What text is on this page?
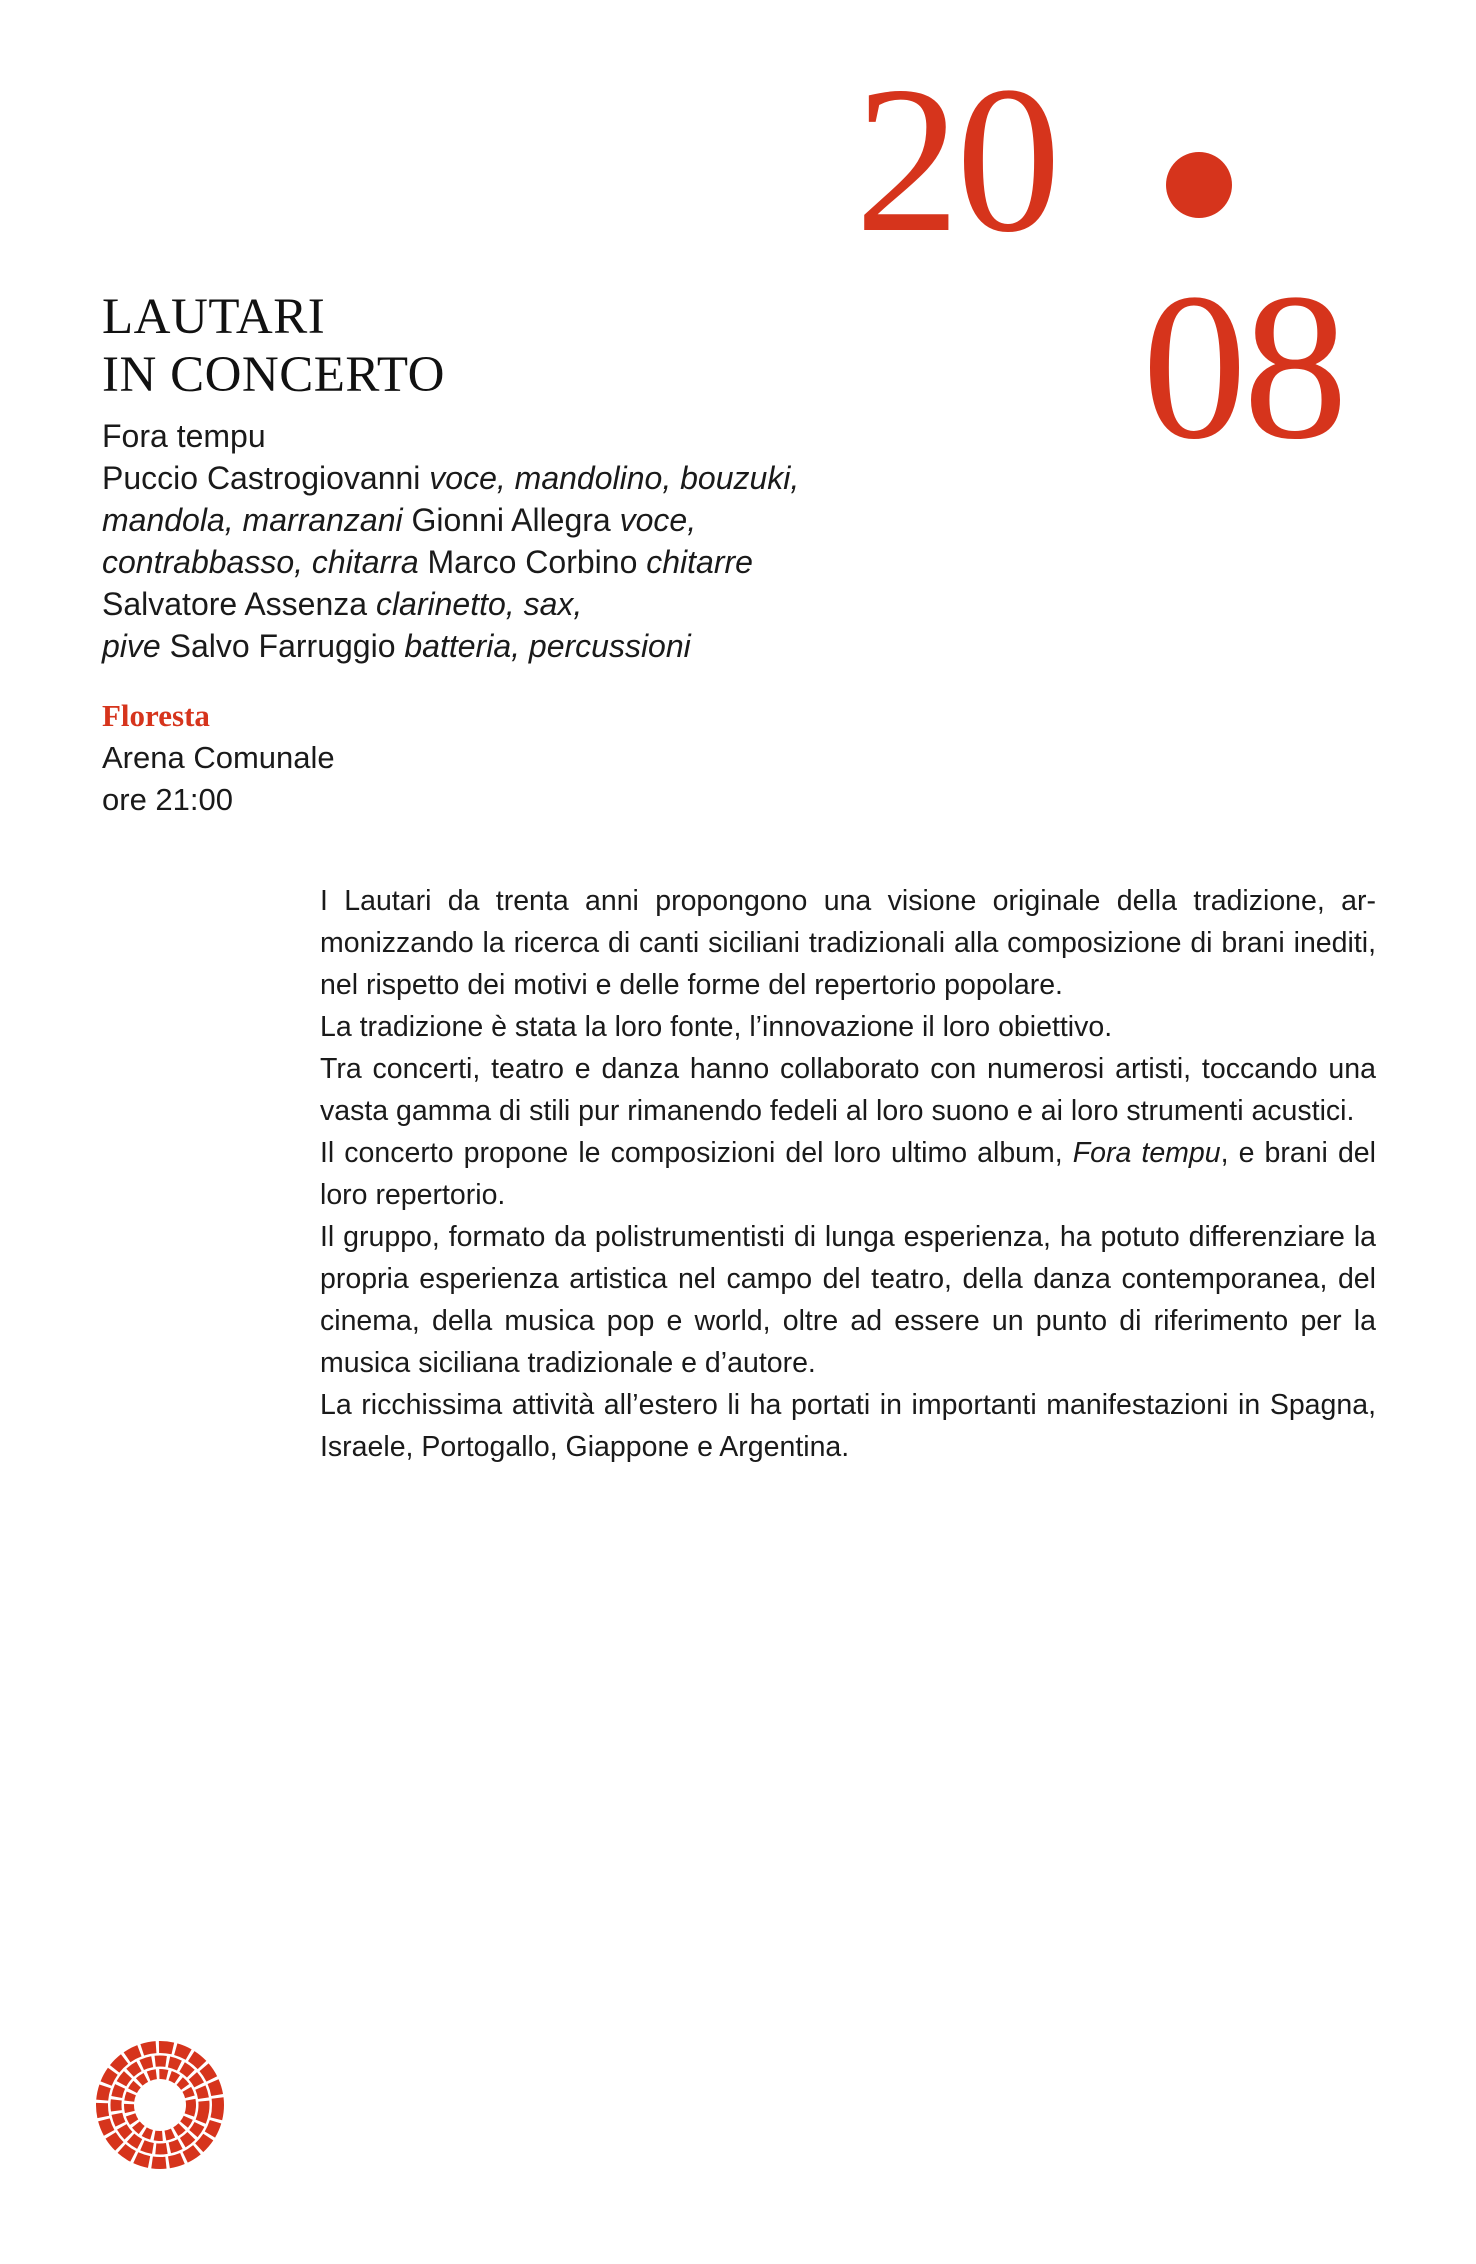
20
08
LAUTARI
IN CONCERTO
Fora tempu
Puccio Castrogiovanni voce, mandolino, bouzuki,
mandola, marranzani Gionni Allegra voce,
contrabbasso, chitarra Marco Corbino chitarre
Salvatore Assenza clarinetto, sax,
pive Salvo Farruggio batteria, percussioni
Floresta
Arena Comunale
ore 21:00

I Lautari da trenta anni propongono una visione originale della tradizione, armonizzando la ricerca di canti siciliani tradizionali alla composizione di brani inediti, nel rispetto dei motivi e delle forme del repertorio popolare.

La tradizione è stata la loro fonte, l’innovazione il loro obiettivo.

Tra concerti, teatro e danza hanno collaborato con numerosi artisti, toccando una vasta gamma di stili pur rimanendo fedeli al loro suono e ai loro strumenti acustici.

Il concerto propone le composizioni del loro ultimo album, Fora tempu, e brani del loro repertorio.

Il gruppo, formato da polistrumentisti di lunga esperienza, ha potuto differenziare la propria esperienza artistica nel campo del teatro, della danza contemporanea, del cinema, della musica pop e world, oltre ad essere un punto di riferimento per la musica siciliana tradizionale e d’autore.

La ricchissima attività all’estero li ha portati in importanti manifestazioni in Spagna, Israele, Portogallo, Giappone e Argentina.
